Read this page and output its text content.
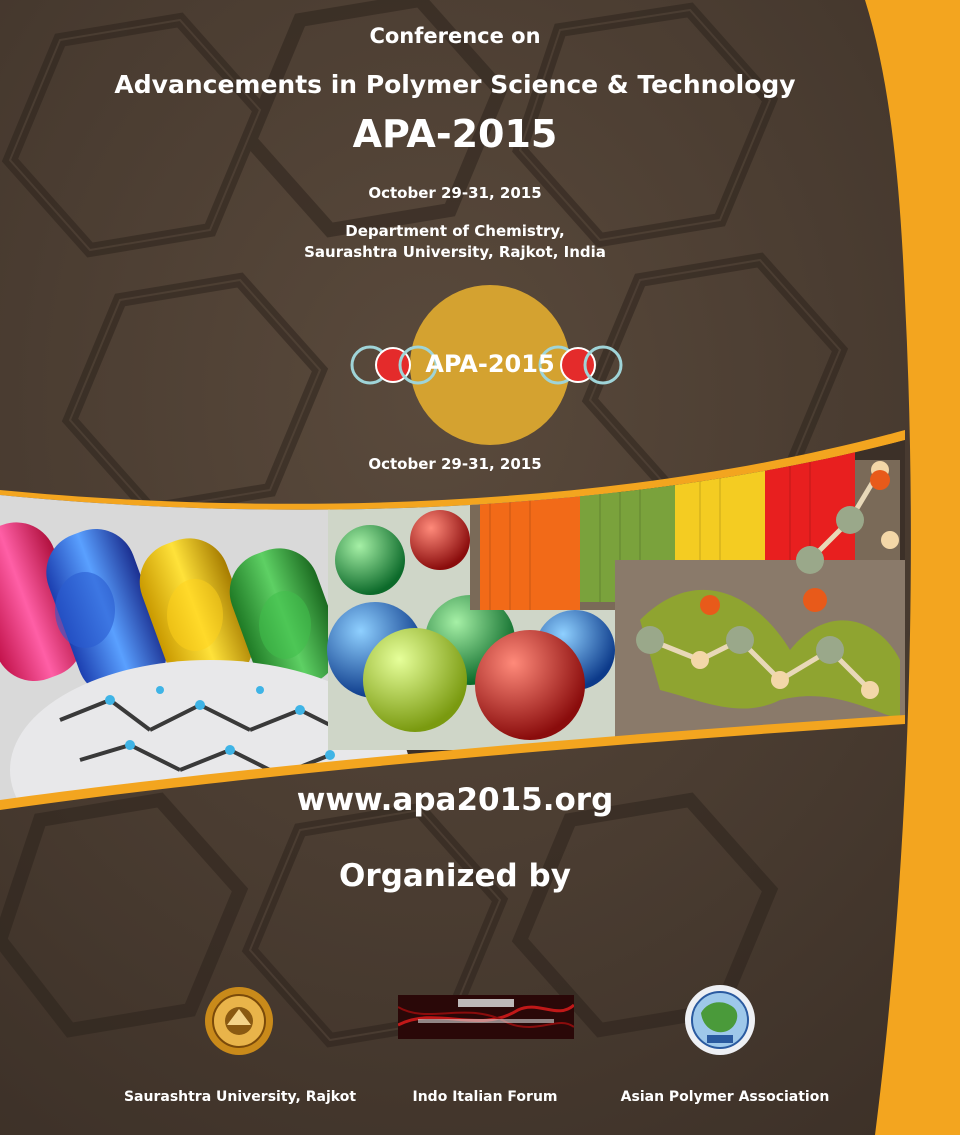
Conference on

Advancements in Polymer Science & Technology

APA-2015

October 29-31, 2015

Department of Chemistry,

Saurashtra University, Rajkot, India

APA-2015

October 29-31, 2015

www.apa2015.org

Organized by

Saurashtra University, Rajkot	Indo Italian Forum	Asian Polymer Association
